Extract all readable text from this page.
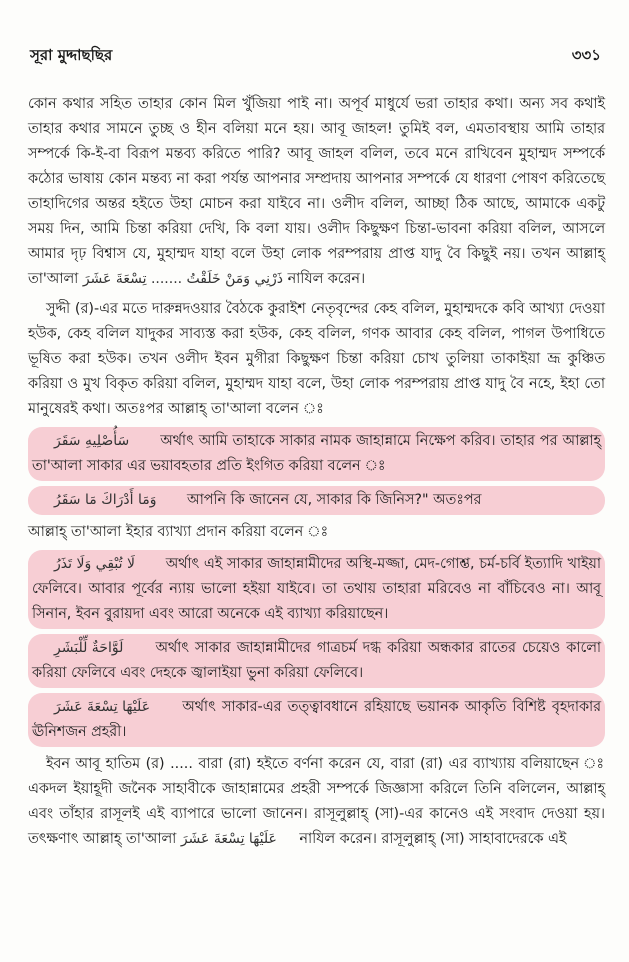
সূরা মুদ্দাছছির	৩৩১

কোন কথার সহিত তাহার কোন মিল খুঁজিয়া পাই না। অপূর্ব মাধুর্যে ভরা তাহার কথা। অন্য সব কথাই তাহার কথার সামনে তুচ্ছ ও হীন বলিয়া মনে হয়। আবূ জাহল! তুমিই বল, এমতাবস্থায় আমি তাহার সম্পর্কে কি-ই-বা বিরূপ মন্তব্য করিতে পারি? আবূ জাহল বলিল, তবে মনে রাখিবেন মুহাম্মদ সম্পর্কে কঠোর ভাষায় কোন মন্তব্য না করা পর্যন্ত আপনার সম্প্রদায় আপনার সম্পর্কে যে ধারণা পোষণ করিতেছে তাহাদিগের অন্তর হইতে উহা মোচন করা যাইবে না। ওলীদ বলিল, আচ্ছা ঠিক আছে, আমাকে একটু সময় দিন, আমি চিন্তা করিয়া দেখি, কি বলা যায়। ওলীদ কিছুক্ষণ চিন্তা-ভাবনা করিয়া বলিল, আসলে আমার দৃঢ় বিশ্বাস যে, মুহাম্মদ যাহা বলে উহা লোক পরম্পরায় প্রাপ্ত যাদু বৈ কিছুই নয়। তখন আল্লাহ্ তা'আলা ذَرْنِي وَمَنْ خَلَقْتُ ....... تِسْعَةَ عَشَرَ নাযিল করেন।

সুদ্দী (র)-এর মতে দারুন্নদওয়ার বৈঠকে কুরাইশ নেতৃবৃন্দের কেহ বলিল, মুহাম্মদকে কবি আখ্যা দেওয়া হউক, কেহ বলিল যাদুকর সাব্যস্ত করা হউক, কেহ বলিল, গণক আবার কেহ বলিল, পাগল উপাধিতে ভূষিত করা হউক। তখন ওলীদ ইবন মুগীরা কিছুক্ষণ চিন্তা করিয়া চোখ তুলিয়া তাকাইয়া ভ্রূ কুঞ্চিত করিয়া ও মুখ বিকৃত করিয়া বলিল, মুহাম্মদ যাহা বলে, উহা লোক পরম্পরায় প্রাপ্ত যাদু বৈ নহে, ইহা তো মানুষেরই কথা। অতঃপর আল্লাহ্ তা'আলা বলেন ঃ

سَأُصْلِيهِ سَقَرَ অর্থাৎ আমি তাহাকে সাকার নামক জাহান্নামে নিক্ষেপ করিব। তাহার পর আল্লাহ্ তা'আলা সাকার এর ভয়াবহতার প্রতি ইংগিত করিয়া বলেন ঃ

وَمَا أَدْرَاكَ مَا سَقَرُ আপনি কি জানেন যে, সাকার কি জিনিস?" অতঃপর

আল্লাহ্ তা'আলা ইহার ব্যাখ্যা প্রদান করিয়া বলেন ঃ

لَا تُبْقِي وَلَا تَذَرُ অর্থাৎ এই সাকার জাহান্নামীদের অস্থি-মজ্জা, মেদ-গোশ্ত, চর্ম-চর্বি ইত্যাদি খাইয়া ফেলিবে। আবার পূর্বের ন্যায় ভালো হইয়া যাইবে। তা তথায় তাহারা মরিবেও না বাঁচিবেও না। আবূ সিনান, ইবন বুরায়দা এবং আরো অনেকে এই ব্যাখ্যা করিয়াছেন।

لَوَّاحَةٌ لِّلْبَشَرِ অর্থাৎ সাকার জাহান্নামীদের গাত্রচর্ম দগ্ধ করিয়া অন্ধকার রাতের চেয়েও কালো করিয়া ফেলিবে এবং দেহকে জ্বালাইয়া ভুনা করিয়া ফেলিবে।

عَلَيْهَا تِسْعَةَ عَشَرَ অর্থাৎ সাকার-এর তত্ত্বাবধানে রহিয়াছে ভয়ানক আকৃতি বিশিষ্ট বৃহদাকার ঊনিশজন প্রহরী।

ইবন আবূ হাতিম (র) ..... বারা (রা) হইতে বর্ণনা করেন যে, বারা (রা) এর ব্যাখ্যায় বলিয়াছেন ঃ একদল ইয়াহূদী জনৈক সাহাবীকে জাহান্নামের প্রহরী সম্পর্কে জিজ্ঞাসা করিলে তিনি বলিলেন, আল্লাহ্ এবং তাঁহার রাসূলই এই ব্যাপারে ভালো জানেন। রাসূলুল্লাহ্ (সা)-এর কানেও এই সংবাদ দেওয়া হয়। তৎক্ষণাৎ আল্লাহ্ তা'আলা عَلَيْهَا تِسْعَةَ عَشَرَ নাযিল করেন। রাসূলুল্লাহ্ (সা) সাহাবাদেরকে এই
